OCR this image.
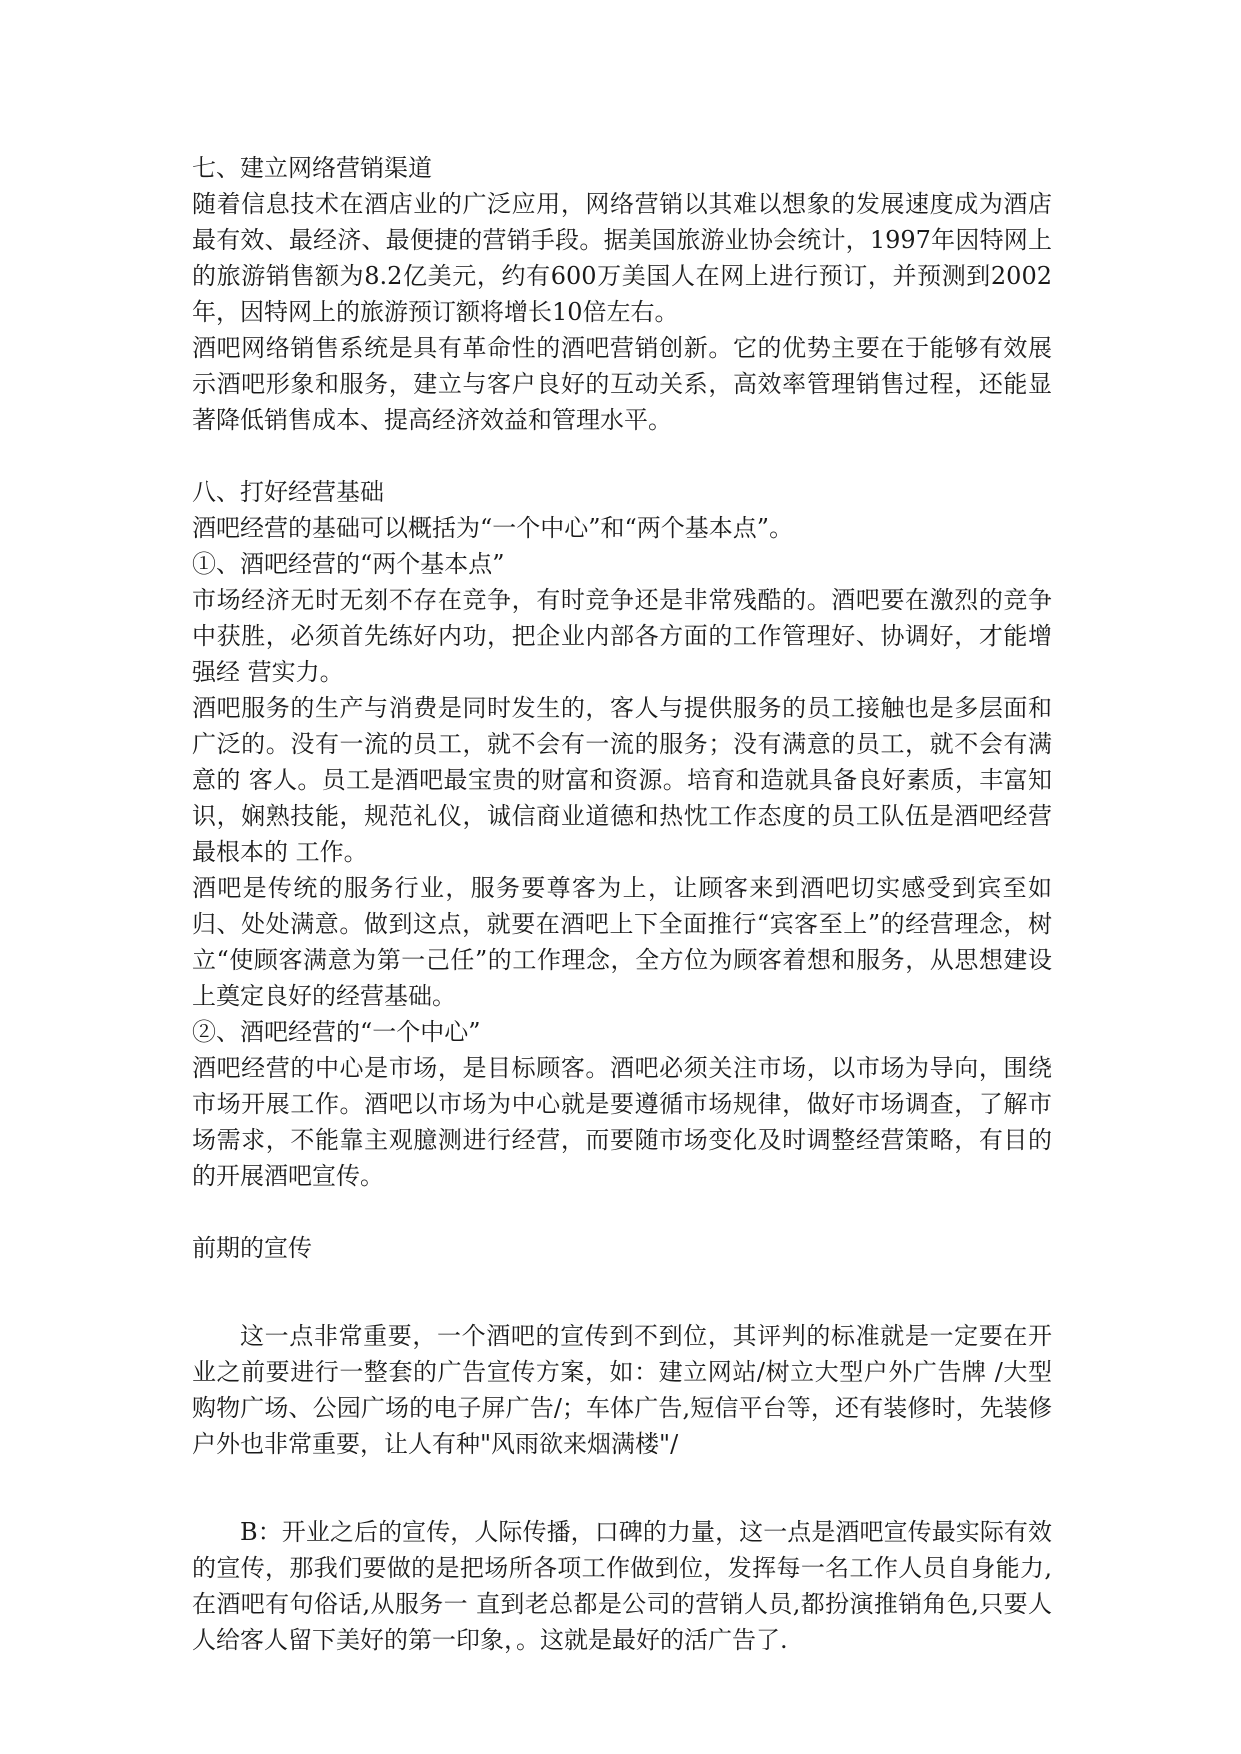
七、建立网络营销渠道

随着信息技术在酒店业的广泛应用，网络营销以其难以想象的发展速度成为酒店最有效、最经济、最便捷的营销手段。据美国旅游业协会统计，1997年因特网上 的旅游销售额为8.2亿美元，约有600万美国人在网上进行预订，并预测到2002年，因特网上的旅游预订额将增长10倍左右。

酒吧网络销售系统是具有革命性的酒吧营销创新。它的优势主要在于能够有效展示酒吧形象和服务，建立与客户良好的互动关系，高效率管理销售过程，还能显著降低销售成本、提高经济效益和管理水平。

八、打好经营基础

酒吧经营的基础可以概括为“一个中心”和“两个基本点”。

①、酒吧经营的“两个基本点”

市场经济无时无刻不存在竞争，有时竞争还是非常残酷的。酒吧要在激烈的竞争中获胜，必须首先练好内功，把企业内部各方面的工作管理好、协调好，才能增强经 营实力。

酒吧服务的生产与消费是同时发生的，客人与提供服务的员工接触也是多层面和广泛的。没有一流的员工，就不会有一流的服务；没有满意的员工，就不会有满意的 客人。员工是酒吧最宝贵的财富和资源。培育和造就具备良好素质，丰富知识，娴熟技能，规范礼仪，诚信商业道德和热忱工作态度的员工队伍是酒吧经营最根本的 工作。

酒吧是传统的服务行业，服务要尊客为上，让顾客来到酒吧切实感受到宾至如归、处处满意。做到这点，就要在酒吧上下全面推行“宾客至上”的经营理念，树立“使顾客满意为第一己任”的工作理念，全方位为顾客着想和服务，从思想建设上奠定良好的经营基础。

②、酒吧经营的“一个中心”

酒吧经营的中心是市场，是目标顾客。酒吧必须关注市场，以市场为导向，围绕市场开展工作。酒吧以市场为中心就是要遵循市场规律，做好市场调查，了解市场需求，不能靠主观臆测进行经营，而要随市场变化及时调整经营策略，有目的的开展酒吧宣传。

前期的宣传

这一点非常重要，一个酒吧的宣传到不到位，其评判的标准就是一定要在开业之前要进行一整套的广告宣传方案，如：建立网站/树立大型户外广告牌 /大型购物广场、公园广场的电子屏广告/；车体广告,短信平台等，还有装修时，先装修户外也非常重要，让人有种"风雨欲来烟满楼"/

B：开业之后的宣传，人际传播，口碑的力量，这一点是酒吧宣传最实际有效的宣传，那我们要做的是把场所各项工作做到位，发挥每一名工作人员自身能力,在酒吧有句俗话,从服务一 直到老总都是公司的营销人员,都扮演推销角色,只要人人给客人留下美好的第一印象，。这就是最好的活广告了.
